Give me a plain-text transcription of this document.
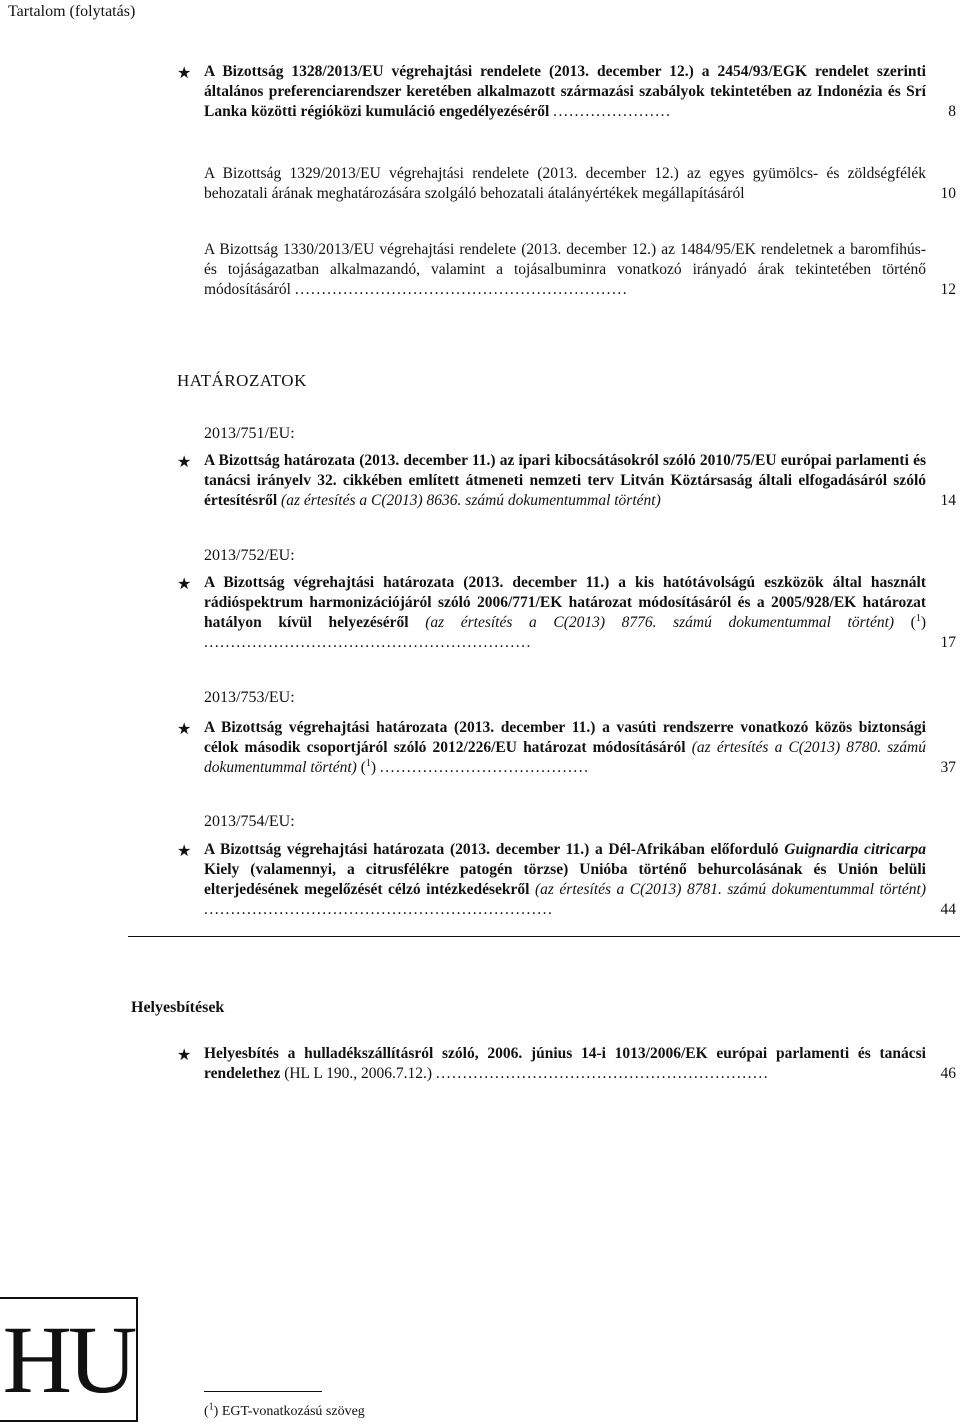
Tartalom (folytatás)
★ A Bizottság 1328/2013/EU végrehajtási rendelete (2013. december 12.) a 2454/93/EGK rendelet szerinti általános preferenciarendszer keretében alkalmazott származási szabályok tekintetében az Indonézia és Srí Lanka közötti régióközi kumuláció engedélyezéséről ......................	8
A Bizottság 1329/2013/EU végrehajtási rendelete (2013. december 12.) az egyes gyümölcs- és zöldségfélék behozatali árának meghatározására szolgáló behozatali átalányértékek megállapításáról	10
A Bizottság 1330/2013/EU végrehajtási rendelete (2013. december 12.) az 1484/95/EK rendeletnek a baromfihús- és tojáságazatban alkalmazandó, valamint a tojásalbuminra vonatkozó irányadó árak tekintetében történő módosításáról ..............................................................	12
HATÁROZATOK
2013/751/EU:
★ A Bizottság határozata (2013. december 11.) az ipari kibocsátásokról szóló 2010/75/EU európai parlamenti és tanácsi irányelv 32. cikkében említett átmeneti nemzeti terv Litván Köztársaság általi elfogadásáról szóló értesítésről (az értesítés a C(2013) 8636. számú dokumentummal történt)	14
2013/752/EU:
★ A Bizottság végrehajtási határozata (2013. december 11.) a kis hatótávolságú eszközök által használt rádióspektrum harmonizációjáról szóló 2006/771/EK határozat módosításáról és a 2005/928/EK határozat hatályon kívül helyezéséről (az értesítés a C(2013) 8776. számú dokumentummal történt) ($^1$) .............................................................	17
2013/753/EU:
★ A Bizottság végrehajtási határozata (2013. december 11.) a vasúti rendszerre vonatkozó közös biztonsági célok második csoportjáról szóló 2012/226/EU határozat módosításáról (az értesítés a C(2013) 8780. számú dokumentummal történt) ($^1$) .......................................	37
2013/754/EU:
★ A Bizottság végrehajtási határozata (2013. december 11.) a Dél-Afrikában előforduló Guignardia citricarpa Kiely (valamennyi, a citrusfélékre patogén törzse) Unióba történő behurcolásának és Unión belüli elterjedésének megelőzését célzó intézkedésekről (az értesítés a C(2013) 8781. számú dokumentummal történt) .................................................................	44
Helyesbítések
★ Helyesbítés a hulladékszállításról szóló, 2006. június 14-i 1013/2006/EK európai parlamenti és tanácsi rendelethez (HL L 190., 2006.7.12.) ..............................................................	46
HU	($^1$) EGT-vonatkozású szöveg
